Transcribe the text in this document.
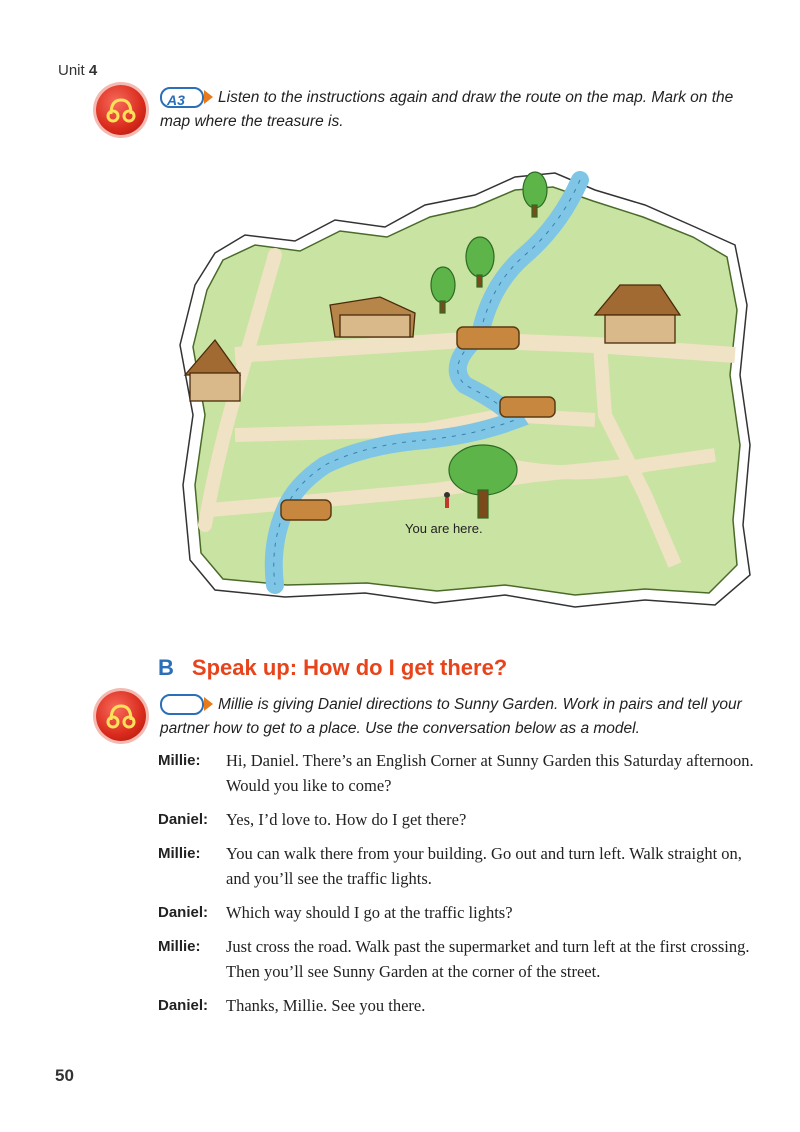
Unit 4
A3 Listen to the instructions again and draw the route on the map. Mark on the map where the treasure is.
You are here.
B Speak up: How do I get there?
Millie is giving Daniel directions to Sunny Garden. Work in pairs and tell your partner how to get to a place. Use the conversation below as a model.
Millie:	Hi, Daniel. There’s an English Corner at Sunny Garden this Saturday afternoon. Would you like to come?
Daniel:	Yes, I’d love to. How do I get there?
Millie:	You can walk there from your building. Go out and turn left. Walk straight on, and you’ll see the traffic lights.
Daniel:	Which way should I go at the traffic lights?
Millie:	Just cross the road. Walk past the supermarket and turn left at the first crossing. Then you’ll see Sunny Garden at the corner of the street.
Daniel:	Thanks, Millie. See you there.
50
